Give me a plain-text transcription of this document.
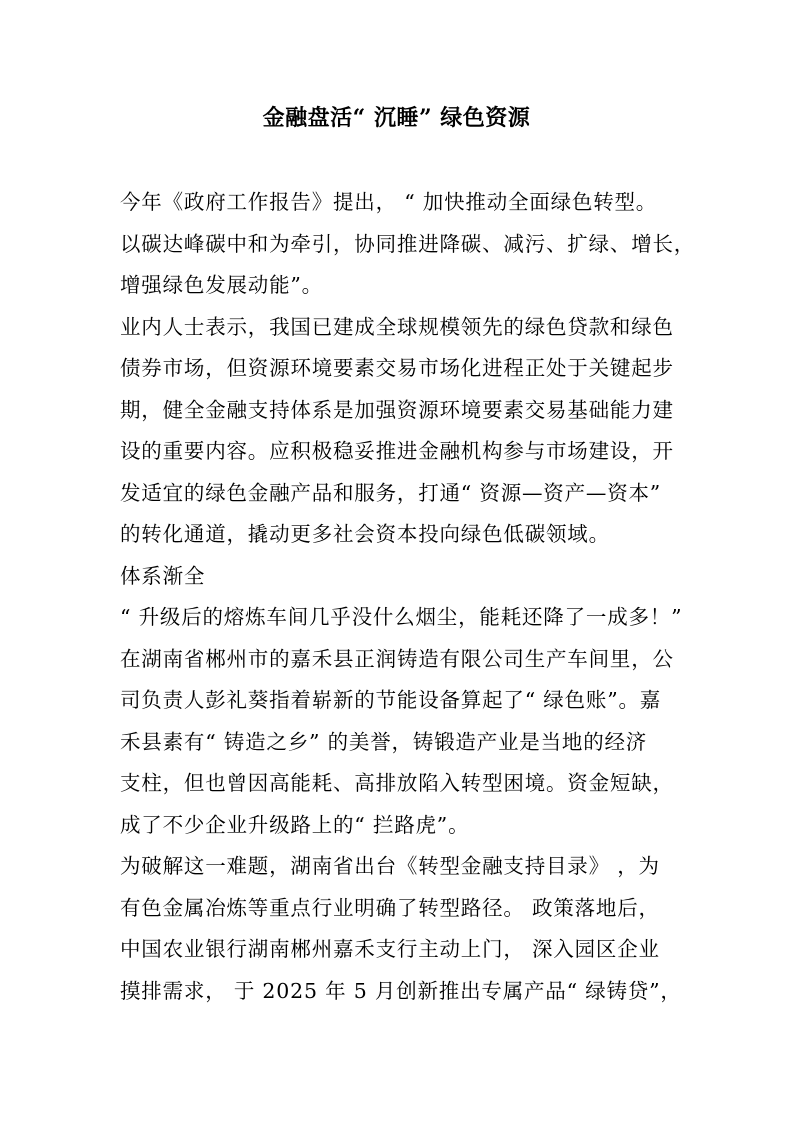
金融盘活“ 沉睡” 绿色资源
今年《政府工作报告》提出， “ 加快推动全面绿色转型。
以碳达峰碳中和为牵引，协同推进降碳、减污、扩绿、增长，
增强绿色发展动能”。
业内人士表示，我国已建成全球规模领先的绿色贷款和绿色
债券市场，但资源环境要素交易市场化进程正处于关键起步
期，健全金融支持体系是加强资源环境要素交易基础能力建
设的重要内容。应积极稳妥推进金融机构参与市场建设，开
发适宜的绿色金融产品和服务，打通“ 资源—资产—资本”
的转化通道，撬动更多社会资本投向绿色低碳领域。
体系渐全
“ 升级后的熔炼车间几乎没什么烟尘，能耗还降了一成多！”
在湖南省郴州市的嘉禾县正润铸造有限公司生产车间里，公
司负责人彭礼葵指着崭新的节能设备算起了“ 绿色账”。嘉
禾县素有“ 铸造之乡” 的美誉，铸锻造产业是当地的经济
支柱，但也曾因高能耗、高排放陷入转型困境。资金短缺，
成了不少企业升级路上的“ 拦路虎”。
为破解这一难题，湖南省出台《转型金融支持目录》 ，为
有色金属冶炼等重点行业明确了转型路径。 政策落地后，
中国农业银行湖南郴州嘉禾支行主动上门， 深入园区企业
摸排需求， 于 2025 年 5 月创新推出专属产品“ 绿铸贷”，
